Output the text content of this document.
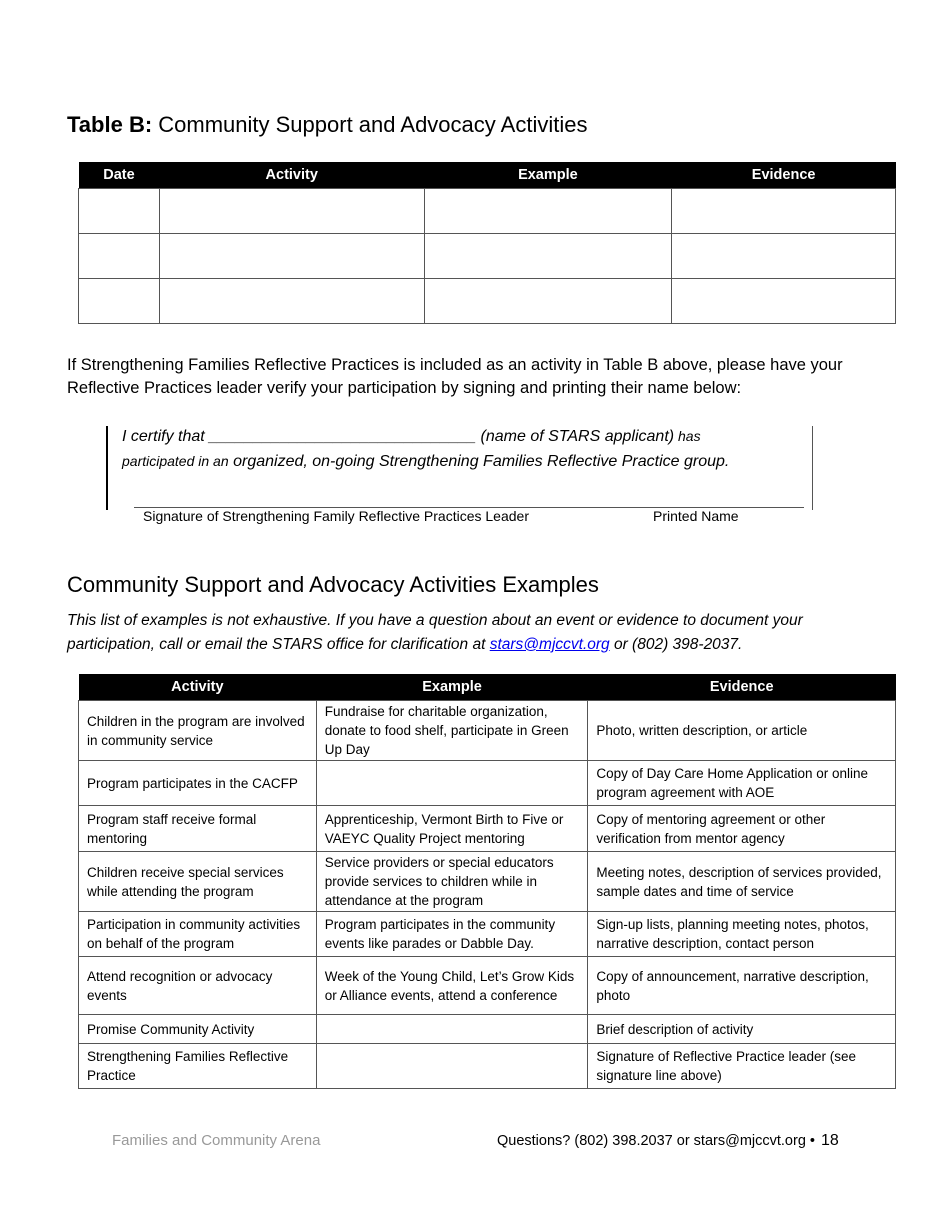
Table B: Community Support and Advocacy Activities
Date	Activity	Example	Evidence

If Strengthening Families Reflective Practices is included as an activity in Table B above, please have your Reflective Practices leader verify your participation by signing and printing their name below:

I certify that ______________________________ (name of STARS applicant) has
participated in an organized, on-going Strengthening Families Reflective Practice group.

Signature of Strengthening Family Reflective Practices Leader	Printed Name
Community Support and Advocacy Activities Examples

This list of examples is not exhaustive. If you have a question about an event or evidence to document your participation, call or email the STARS office for clarification at stars@mjccvt.org or (802) 398-2037.

Activity	Example	Evidence
Children in the program are involved in community service	Fundraise for charitable organization, donate to food shelf, participate in Green Up Day	Photo, written description, or article
Program participates in the CACFP		Copy of Day Care Home Application or online program agreement with AOE
Program staff receive formal mentoring	Apprenticeship, Vermont Birth to Five or VAEYC Quality Project mentoring	Copy of mentoring agreement or other verification from mentor agency
Children receive special services while attending the program	Service providers or special educators provide services to children while in attendance at the program	Meeting notes, description of services provided, sample dates and time of service
Participation in community activities on behalf of the program	Program participates in the community events like parades or Dabble Day.	Sign-up lists, planning meeting notes, photos, narrative description, contact person
Attend recognition or advocacy events	Week of the Young Child, Let’s Grow Kids or Alliance events, attend a conference	Copy of announcement, narrative description, photo
Promise Community Activity		Brief description of activity
Strengthening Families Reflective Practice		Signature of Reflective Practice leader (see signature line above)
Families and Community Arena	Questions? (802) 398.2037 or stars@mjccvt.org • 18
